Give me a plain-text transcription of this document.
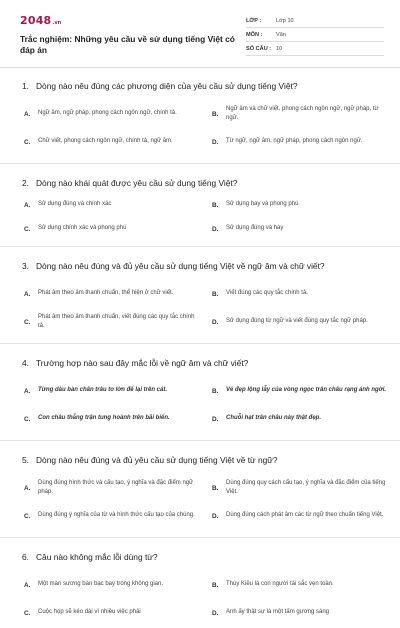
2048 .vn
Trắc nghiệm: Những yêu cầu về sử dụng tiếng Việt có đáp án
LỚP :	Lớp 10
MÔN :	Văn
SỐ CÂU : 10
1. Dòng nào nêu đúng các phương diện của yêu cầu sử dụng tiếng Việt?
A.	Ngữ âm, ngữ pháp, phong cách ngôn ngữ, chính tả.	B.
Ngữ âm và chữ viết, phong cách ngôn ngữ, ngữ pháp, từ ngữ.
C.	Chữ viết, phong cách ngôn ngữ, chính tả, ngữ âm.	D.	Từ ngữ, ngữ âm, ngữ pháp, phong cách ngôn ngữ.
2. Dòng nào khái quát được yêu cầu sử dụng tiếng Việt?
A.	Sử dụng đúng và chính xác	B.	Sử dụng hay và phong phú
C.	Sử dụng chính xác và phong phú	D.	Sử dụng đúng và hay
3. Dòng nào nêu đúng và đủ yêu cầu sử dụng tiếng Việt về ngữ âm và chữ viết?
A.	Phát âm theo âm thanh chuẩn, thể hiện ở chữ viết.	B.	Viết đúng các quy tắc chính tả.
C.
Phát âm theo âm thanh chuẩn, viết đúng các quy tắc chính tả.
D.	Sử dụng đúng từ ngữ và viết đúng quy tắc ngữ pháp.
4. Trường hợp nào sau đây mắc lỗi về ngữ âm và chữ viết?
A.	Từng dàu bàn chân trâu to lớn để lại trên cát.	B.	Vẻ đẹp lộng lẫy của vòng ngọc trân châu rạng ánh ngời.
C.	Con châu thắng trận tung hoành trên bãi biển.	D.	Chuỗi hạt trân châu này thật đẹp.
5. Dòng nào nêu đúng và đủ yêu cầu sử dụng tiếng Việt về từ ngữ?
A.
Dùng đúng hình thức và cấu tạo, ý nghĩa và đặc điểm ngữ pháp.
B.
Dùng đúng quy cách cấu tạo, ý nghĩa và đặc điểm của tiếng Việt.
C.	Dùng đúng ý nghĩa của từ và hình thức cấu tạo của chúng.	D.	Dùng đúng cách phát âm các từ ngữ theo chuẩn tiếng Việt.
6. Câu nào không mắc lỗi dùng từ?
A.	Một màn sương bàn bạc bay trong không gian.	B.	Thúy Kiều là con người tài sắc vẹn toàn.
C.	Cuộc họp sẽ kéo dài vì nhiều việc phải	D.	Anh ấy thật sự là một tấm gương sáng
